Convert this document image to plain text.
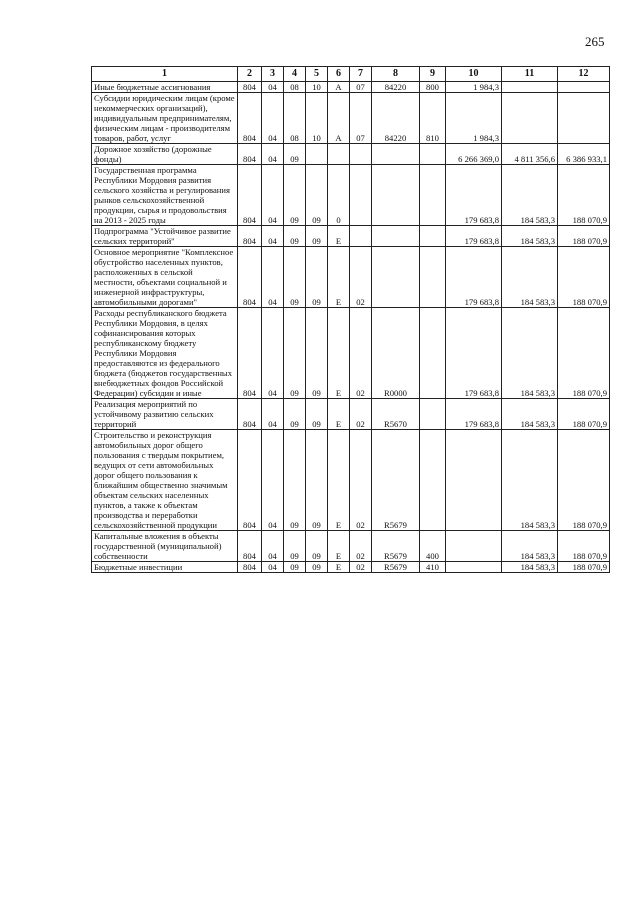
265
1	2	3	4	5	6	7	8	9	10	11	12
Иные бюджетные ассигнования	804	04	08	10	А	07	84220	800	1 984,3		
Субсидии юридическим лицам (кроме некоммерческих организаций), индивидуальным предпринимателям, физическим лицам - производителям товаров, работ, услуг	804	04	08	10	А	07	84220	810	1 984,3		
Дорожное хозяйство (дорожные фонды)	804	04	09						6 266 369,0	4 811 356,6	6 386 933,1
Государственная программа Республики Мордовия развития сельского хозяйства и регулирования рынков сельскохозяйственной продукции, сырья и продовольствия на 2013 - 2025 годы	804	04	09	09	0				179 683,8	184 583,3	188 070,9
Подпрограмма "Устойчивое развитие сельских территорий"	804	04	09	09	Е				179 683,8	184 583,3	188 070,9
Основное мероприятие "Комплексное обустройство населенных пунктов, расположенных в сельской местности, объектами социальной и инженерной инфраструктуры, автомобильными дорогами"	804	04	09	09	Е	02			179 683,8	184 583,3	188 070,9
Расходы республиканского бюджета Республики Мордовия, в целях софинансирования которых республиканскому бюджету Республики Мордовия предоставляются из федерального бюджета (бюджетов государственных внебюджетных фондов Российской Федерации) субсидии и иные	804	04	09	09	Е	02	R0000		179 683,8	184 583,3	188 070,9
Реализация мероприятий по устойчивому развитию сельских территорий	804	04	09	09	Е	02	R5670		179 683,8	184 583,3	188 070,9
Строительство и реконструкция автомобильных дорог общего пользования с твердым покрытием, ведущих от сети автомобильных дорог общего пользования к ближайшим общественно значимым объектам сельских населенных пунктов, а также к объектам производства и переработки сельскохозяйственной продукции	804	04	09	09	Е	02	R5679			184 583,3	188 070,9
Капитальные вложения в объекты государственной (муниципальной) собственности	804	04	09	09	Е	02	R5679	400		184 583,3	188 070,9
Бюджетные инвестиции	804	04	09	09	Е	02	R5679	410		184 583,3	188 070,9
